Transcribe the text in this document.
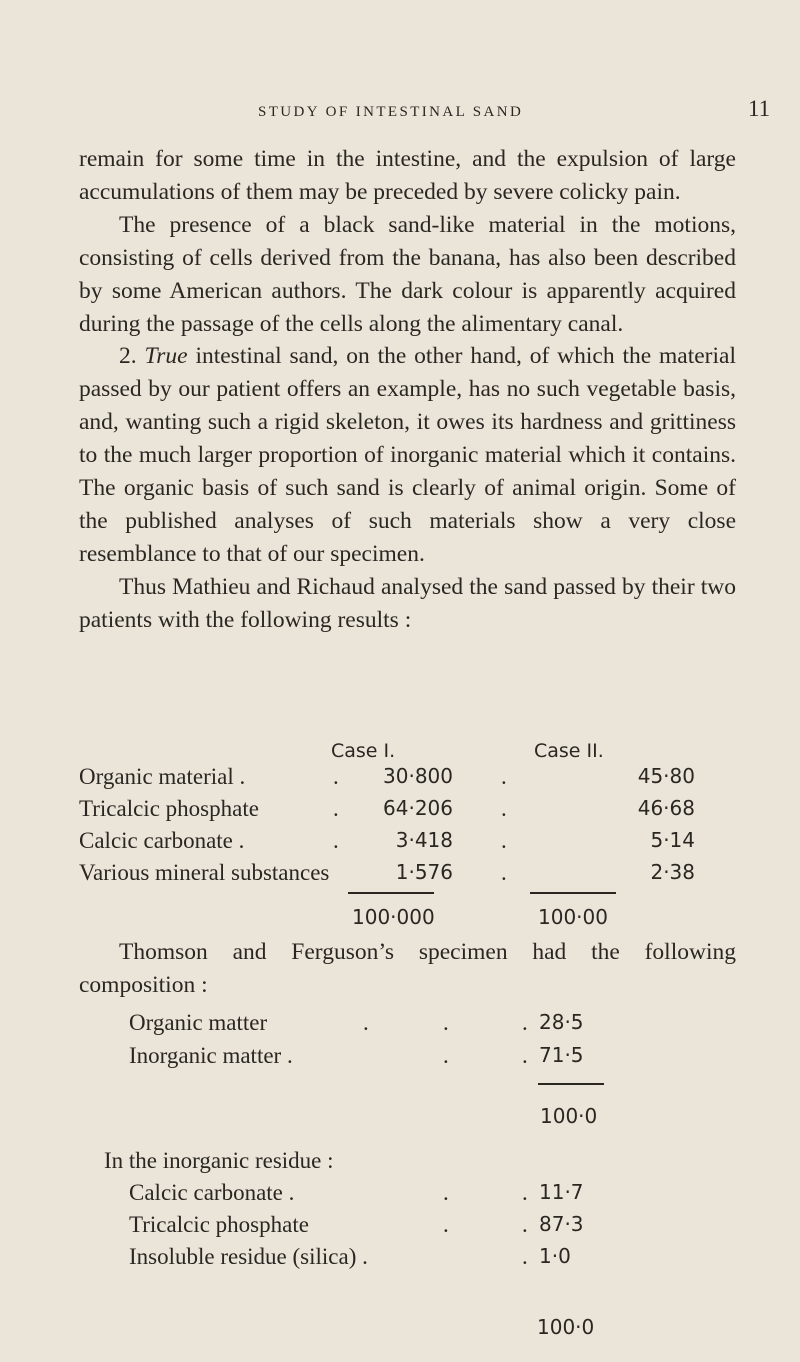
STUDY OF INTESTINAL SAND	11

remain for some time in the intestine, and the expulsion of large accumulations of them may be preceded by severe colicky pain.

The presence of a black sand-like material in the motions, consisting of cells derived from the banana, has also been described by some American authors. The dark colour is apparently acquired during the passage of the cells along the alimentary canal.

2. True intestinal sand, on the other hand, of which the material passed by our patient offers an example, has no such vegetable basis, and, wanting such a rigid skeleton, it owes its hardness and grittiness to the much larger proportion of inorganic material which it contains. The organic basis of such sand is clearly of animal origin. Some of the published analyses of such materials show a very close resemblance to that of our specimen.

Thus Mathieu and Richaud analysed the sand passed by their two patients with the following results :

Case I.	Case II.
Organic material .	. 30·800 .	45·80
Tricalcic phosphate	. 64·206 .	46·68
Calcic carbonate .	.	3·418 .	5·14
Various mineral substances	1·576 .	2·38
100·000	100·00
Thomson and Ferguson’s specimen had the following composition :
Organic matter	.	.	. 28·5
Inorganic matter .	.	. 71·5
100·0
In the inorganic residue :
Calcic carbonate .	.	. 11·7
Tricalcic phosphate	.	. 87·3
Insoluble residue (silica) .	. 1·0
100·0
